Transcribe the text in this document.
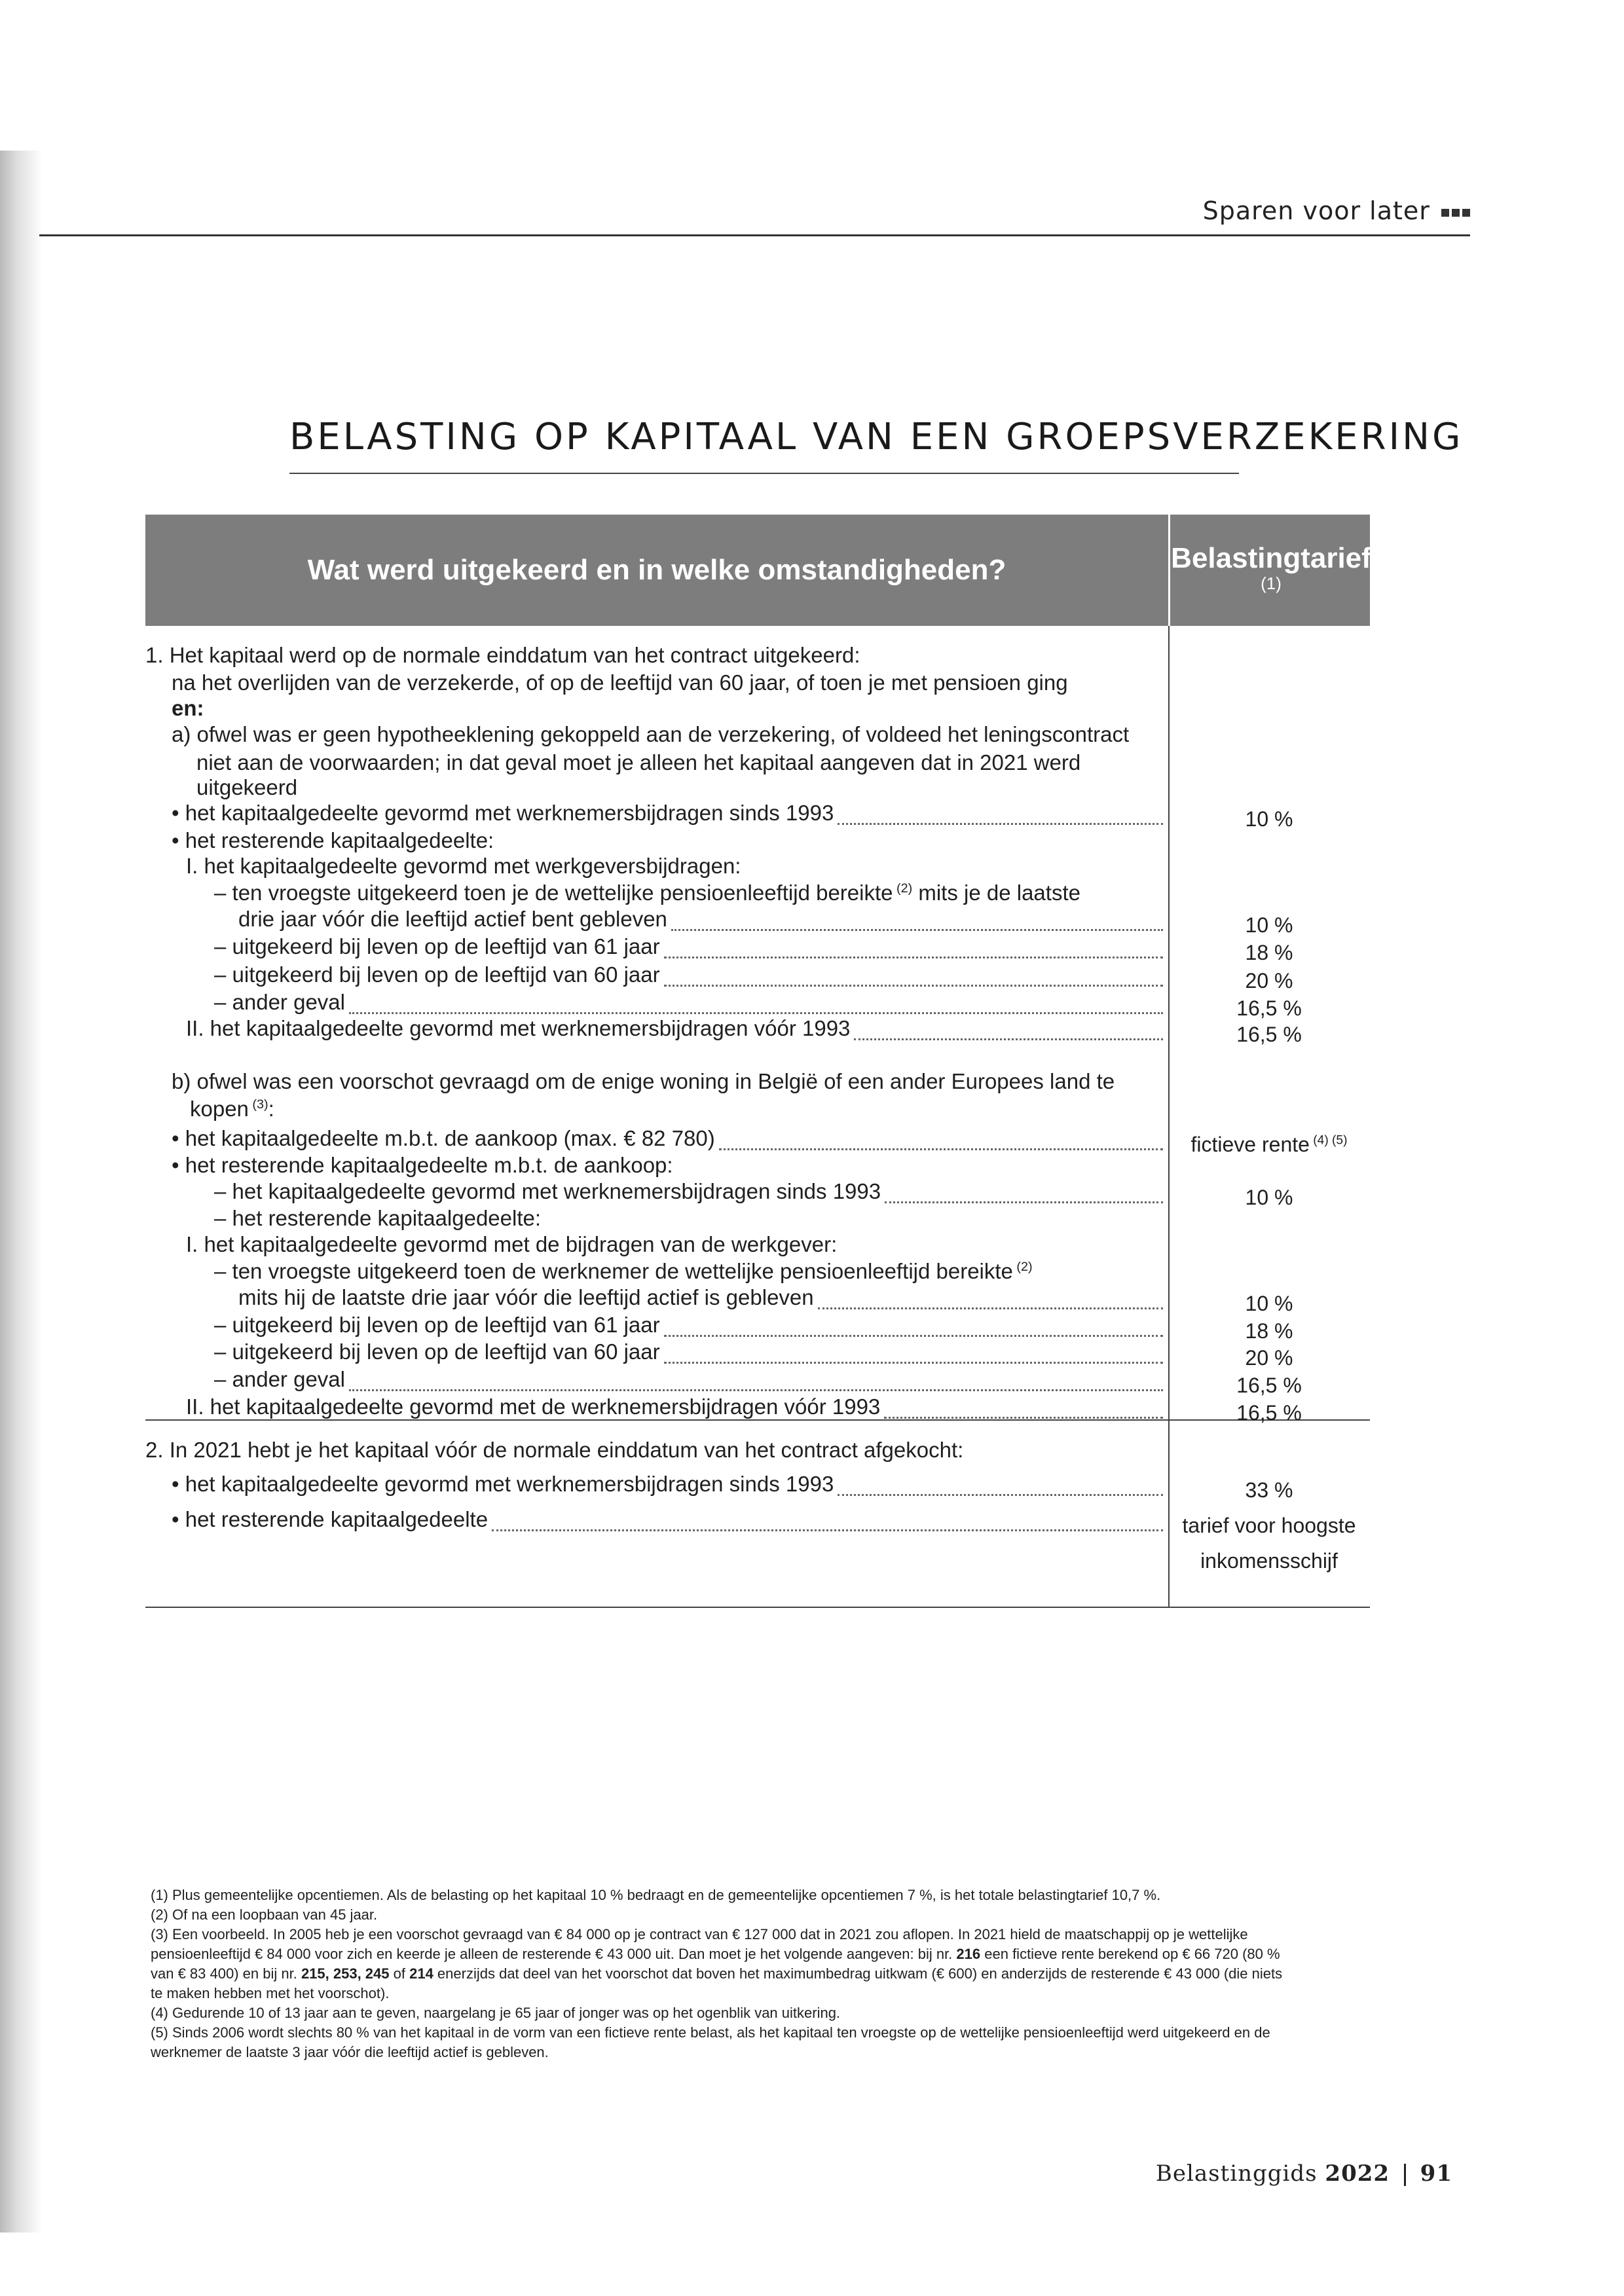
Sparen voor later
BELASTING OP KAPITAAL VAN EEN GROEPSVERZEKERING
Wat werd uitgekeerd en in welke omstandigheden?	Belastingtarief
(1)
1. Het kapitaal werd op de normale einddatum van het contract uitgekeerd:
na het overlijden van de verzekerde, of op de leeftijd van 60 jaar, of toen je met pensioen ging
en:
a) ofwel was er geen hypotheeklening gekoppeld aan de verzekering, of voldeed het leningscontract
niet aan de voorwaarden; in dat geval moet je alleen het kapitaal aangeven dat in 2021 werd
uitgekeerd
• het kapitaalgedeelte gevormd met werknemersbijdragen sinds 1993	10 %
• het resterende kapitaalgedeelte:
I. het kapitaalgedeelte gevormd met werkgeversbijdragen:
– ten vroegste uitgekeerd toen je de wettelijke pensioenleeftijd bereikte $^{(2)}$ mits je de laatste
drie jaar vóór die leeftijd actief bent gebleven	10 %
– uitgekeerd bij leven op de leeftijd van 61 jaar	18 %
– uitgekeerd bij leven op de leeftijd van 60 jaar	20 %
– ander geval	16,5 %
II. het kapitaalgedeelte gevormd met werknemersbijdragen vóór 1993	16,5 %
b) ofwel was een voorschot gevraagd om de enige woning in België of een ander Europees land te
kopen $^{(3)}$:
• het kapitaalgedeelte m.b.t. de aankoop (max. € 82 780)	fictieve rente $^{(4) (5)}$
• het resterende kapitaalgedeelte m.b.t. de aankoop:
– het kapitaalgedeelte gevormd met werknemersbijdragen sinds 1993	10 %
– het resterende kapitaalgedeelte:
I. het kapitaalgedeelte gevormd met de bijdragen van de werkgever:
– ten vroegste uitgekeerd toen de werknemer de wettelijke pensioenleeftijd bereikte $^{(2)}$
mits hij de laatste drie jaar vóór die leeftijd actief is gebleven	10 %
– uitgekeerd bij leven op de leeftijd van 61 jaar	18 %
– uitgekeerd bij leven op de leeftijd van 60 jaar	20 %
– ander geval	16,5 %
II. het kapitaalgedeelte gevormd met de werknemersbijdragen vóór 1993	16,5 %
2. In 2021 hebt je het kapitaal vóór de normale einddatum van het contract afgekocht:
• het kapitaalgedeelte gevormd met werknemersbijdragen sinds 1993	33 %
• het resterende kapitaalgedeelte	tarief voor hoogste
inkomensschijf
(1) Plus gemeentelijke opcentiemen. Als de belasting op het kapitaal 10 % bedraagt en de gemeentelijke opcentiemen 7 %, is het totale belastingtarief 10,7 %.
(2) Of na een loopbaan van 45 jaar.
(3) Een voorbeeld. In 2005 heb je een voorschot gevraagd van € 84 000 op je contract van € 127 000 dat in 2021 zou aflopen. In 2021 hield de maatschappij op je wettelijke
pensioenleeftijd € 84 000 voor zich en keerde je alleen de resterende € 43 000 uit. Dan moet je het volgende aangeven: bij nr. 216 een fictieve rente berekend op € 66 720 (80 %
van € 83 400) en bij nr. 215, 253, 245 of 214 enerzijds dat deel van het voorschot dat boven het maximumbedrag uitkwam (€ 600) en anderzijds de resterende € 43 000 (die niets
te maken hebben met het voorschot).
(4) Gedurende 10 of 13 jaar aan te geven, naargelang je 65 jaar of jonger was op het ogenblik van uitkering.
(5) Sinds 2006 wordt slechts 80 % van het kapitaal in de vorm van een fictieve rente belast, als het kapitaal ten vroegste op de wettelijke pensioenleeftijd werd uitgekeerd en de
werknemer de laatste 3 jaar vóór die leeftijd actief is gebleven.
Belastinggids 2022 91
